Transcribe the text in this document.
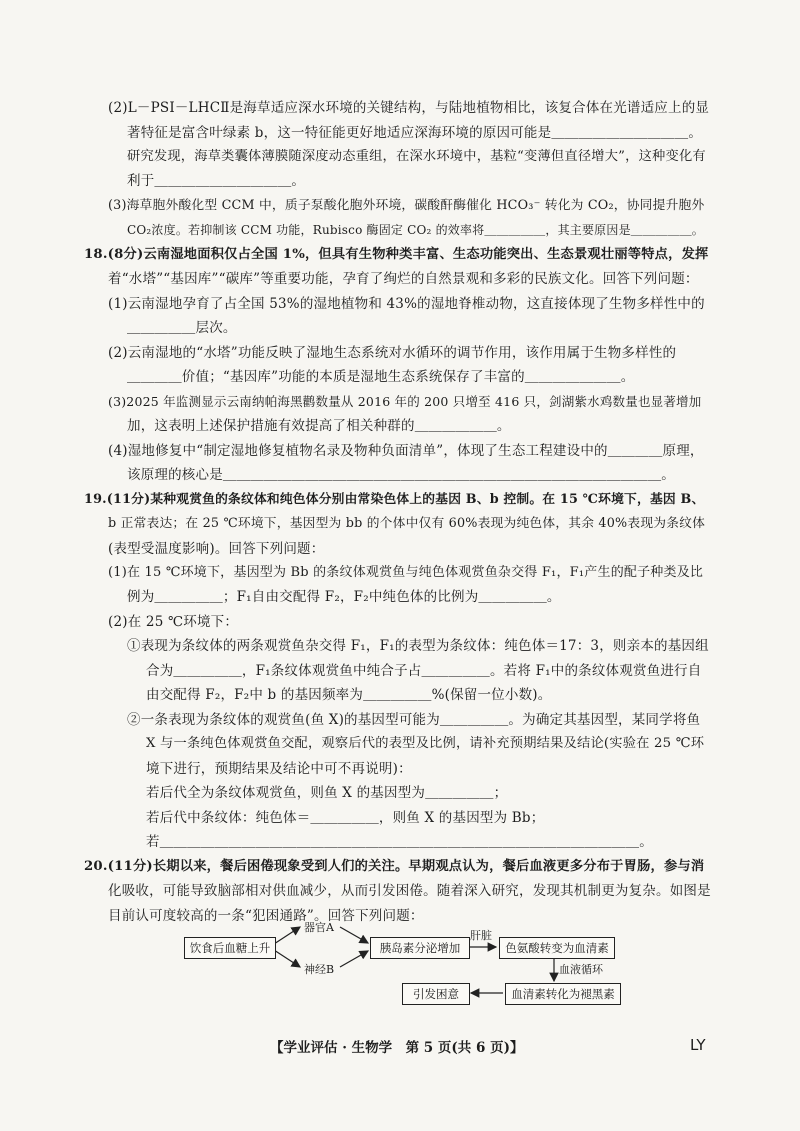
(2)L－PSI－LHCⅡ是海草适应深水环境的关键结构，与陆地植物相比，该复合体在光谱适应上的显
著特征是富含叶绿素 b，这一特征能更好地适应深海环境的原因可能是＿＿＿＿＿＿＿＿＿＿。
研究发现，海草类囊体薄膜随深度动态重组，在深水环境中，基粒“变薄但直径增大”，这种变化有
利于＿＿＿＿＿＿＿＿＿＿。
(3)海草胞外酸化型 CCM 中，质子泵酸化胞外环境，碳酸酐酶催化 HCO₃⁻ 转化为 CO₂，协同提升胞外
CO₂浓度。若抑制该 CCM 功能，Rubisco 酶固定 CO₂ 的效率将＿＿＿＿＿，其主要原因是＿＿＿＿＿。
18.(8分)云南湿地面积仅占全国 1%，但具有生物种类丰富、生态功能突出、生态景观壮丽等特点，发挥
着“水塔”“基因库”“碳库”等重要功能，孕育了绚烂的自然景观和多彩的民族文化。回答下列问题：
(1)云南湿地孕育了占全国 53%的湿地植物和 43%的湿地脊椎动物，这直接体现了生物多样性中的
＿＿＿＿＿层次。
(2)云南湿地的“水塔”功能反映了湿地生态系统对水循环的调节作用，该作用属于生物多样性的
＿＿＿＿价值；“基因库”功能的本质是湿地生态系统保存了丰富的＿＿＿＿＿＿＿。
(3)2025 年监测显示云南纳帕海黑鹳数量从 2016 年的 200 只增至 416 只，剑湖紫水鸡数量也显著增加
加，这表明上述保护措施有效提高了相关种群的＿＿＿＿＿＿。
(4)湿地修复中“制定湿地修复植物名录及物种负面清单”，体现了生态工程建设中的＿＿＿＿原理，
该原理的核心是＿＿＿＿＿＿＿＿＿＿＿＿＿＿＿＿＿＿＿＿＿＿＿＿＿＿＿＿＿＿＿＿。
19.(11分)某种观赏鱼的条纹体和纯色体分别由常染色体上的基因 B、b 控制。在 15 ℃环境下，基因 B、
b 正常表达；在 25 ℃环境下，基因型为 bb 的个体中仅有 60%表现为纯色体，其余 40%表现为条纹体
(表型受温度影响)。回答下列问题：
(1)在 15 ℃环境下，基因型为 Bb 的条纹体观赏鱼与纯色体观赏鱼杂交得 F₁，F₁产生的配子种类及比
例为＿＿＿＿＿；F₁自由交配得 F₂，F₂中纯色体的比例为＿＿＿＿＿。
(2)在 25 ℃环境下：
①表现为条纹体的两条观赏鱼杂交得 F₁，F₁的表型为条纹体：纯色体＝17：3，则亲本的基因组
合为＿＿＿＿＿，F₁条纹体观赏鱼中纯合子占＿＿＿＿＿。若将 F₁中的条纹体观赏鱼进行自
由交配得 F₂，F₂中 b 的基因频率为＿＿＿＿＿%(保留一位小数)。
②一条表现为条纹体的观赏鱼(鱼 X)的基因型可能为＿＿＿＿＿。为确定其基因型，某同学将鱼
X 与一条纯色体观赏鱼交配，观察后代的表型及比例，请补充预期结果及结论(实验在 25 ℃环
境下进行，预期结果及结论中可不再说明)：
若后代全为条纹体观赏鱼，则鱼 X 的基因型为＿＿＿＿＿；
若后代中条纹体：纯色体＝＿＿＿＿＿，则鱼 X 的基因型为 Bb；
若＿＿＿＿＿＿＿＿＿＿＿＿＿＿＿＿＿＿＿＿＿＿＿＿＿＿＿＿＿＿＿＿＿＿＿。
20.(11分)长期以来，餐后困倦现象受到人们的关注。早期观点认为，餐后血液更多分布于胃肠，参与消
化吸收，可能导致脑部相对供血减少，从而引发困倦。随着深入研究，发现其机制更为复杂。如图是
目前认可度较高的一条“犯困通路”。回答下列问题：
饮食后血糖上升
器官A
神经B
胰岛素分泌增加
肝脏
色氨酸转变为血清素
血液循环
血清素转化为褪黑素
引发困意
【学业评估 · 生物学　第 5 页(共 6 页)】	LY
